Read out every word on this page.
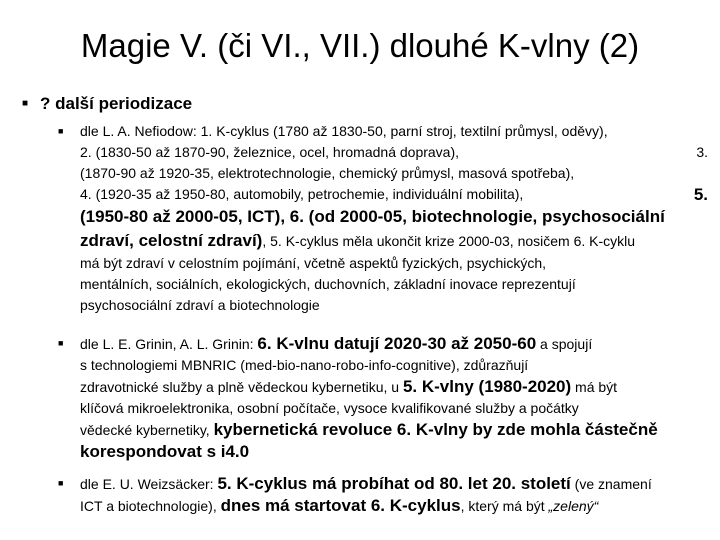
Magie V. (či VI., VII.) dlouhé K-vlny (2)
■ ? další periodizace
■ dle L. A. Nefiodow: 1. K-cyklus (1780 až 1830-50, parní stroj, textilní průmysl, oděvy),
2. (1830-50 až 1870-90, železnice, ocel, hromadná doprava),	3.
(1870-90 až 1920-35, elektrotechnologie, chemický průmysl, masová spotřeba),
4. (1920-35 až 1950-80, automobily, petrochemie, individuální mobilita),	5.
(1950-80 až 2000-05, ICT), 6. (od 2000-05, biotechnologie, psychosociální
zdraví, celostní zdraví), 5. K-cyklus měla ukončit krize 2000-03, nosičem 6. K-cyklu
má být zdraví v celostním pojímání, včetně aspektů fyzických, psychických,
mentálních, sociálních, ekologických, duchovních, základní inovace reprezentují
psychosociální zdraví a biotechnologie
■ dle L. E. Grinin, A. L. Grinin: 6. K-vlnu datují 2020-30 až 2050-60 a spojují
s technologiemi MBNRIC (med-bio-nano-robo-info-cognitive), zdůrazňují
zdravotnické služby a plně vědeckou kybernetiku, u 5. K-vlny (1980-2020) má být
klíčová mikroelektronika, osobní počítače, vysoce kvalifikované služby a počátky
vědecké kybernetiky, kybernetická revoluce 6. K-vlny by zde mohla částečně
korespondovat s i4.0
■ dle E. U. Weizsäcker: 5. K-cyklus má probíhat od 80. let 20. století (ve znamení
ICT a biotechnologie), dnes má startovat 6. K-cyklus, který má být „zelený“
